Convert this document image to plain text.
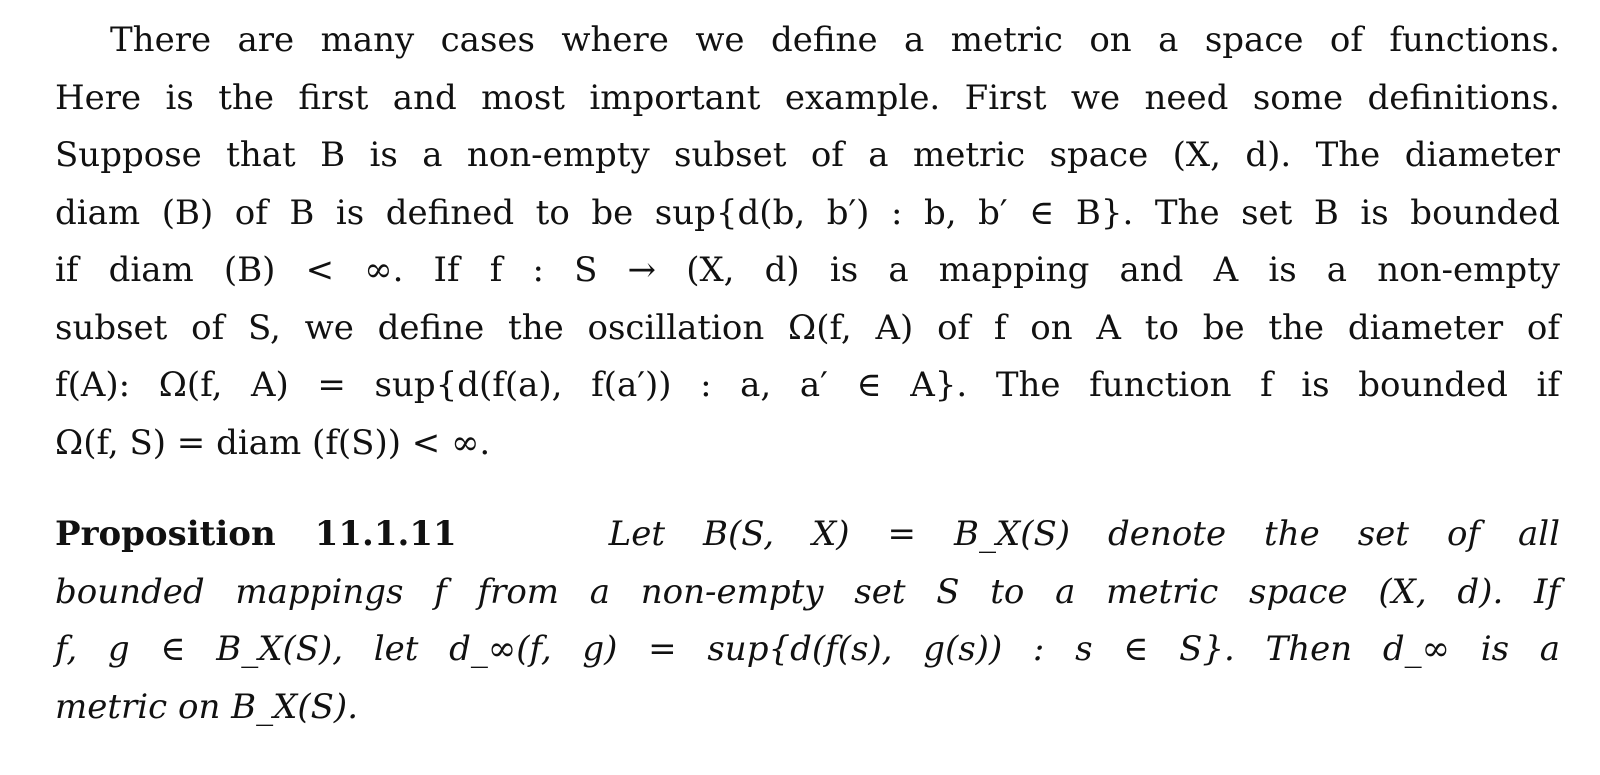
There are many cases where we define a metric on a space of functions.
Here is the first and most important example. First we need some definitions.
Suppose that B is a non-empty subset of a metric space (X, d). The diameter
diam (B) of B is defined to be sup{d(b, b′) : b, b′ ∈ B}. The set B is bounded
if diam (B) < ∞. If f : S → (X, d) is a mapping and A is a non-empty
subset of S, we define the oscillation Ω(f, A) of f on A to be the diameter of
f(A): Ω(f, A) = sup{d(f(a), f(a′)) : a, a′ ∈ A}. The function f is bounded if
Ω(f, S) = diam (f(S)) < ∞.
Proposition 11.1.11	Let B(S, X) = B_X(S) denote the set of all
bounded mappings f from a non-empty set S to a metric space (X, d). If
f, g ∈ B_X(S), let d_∞(f, g) = sup{d(f(s), g(s)) : s ∈ S}. Then d_∞ is a
metric on B_X(S).
